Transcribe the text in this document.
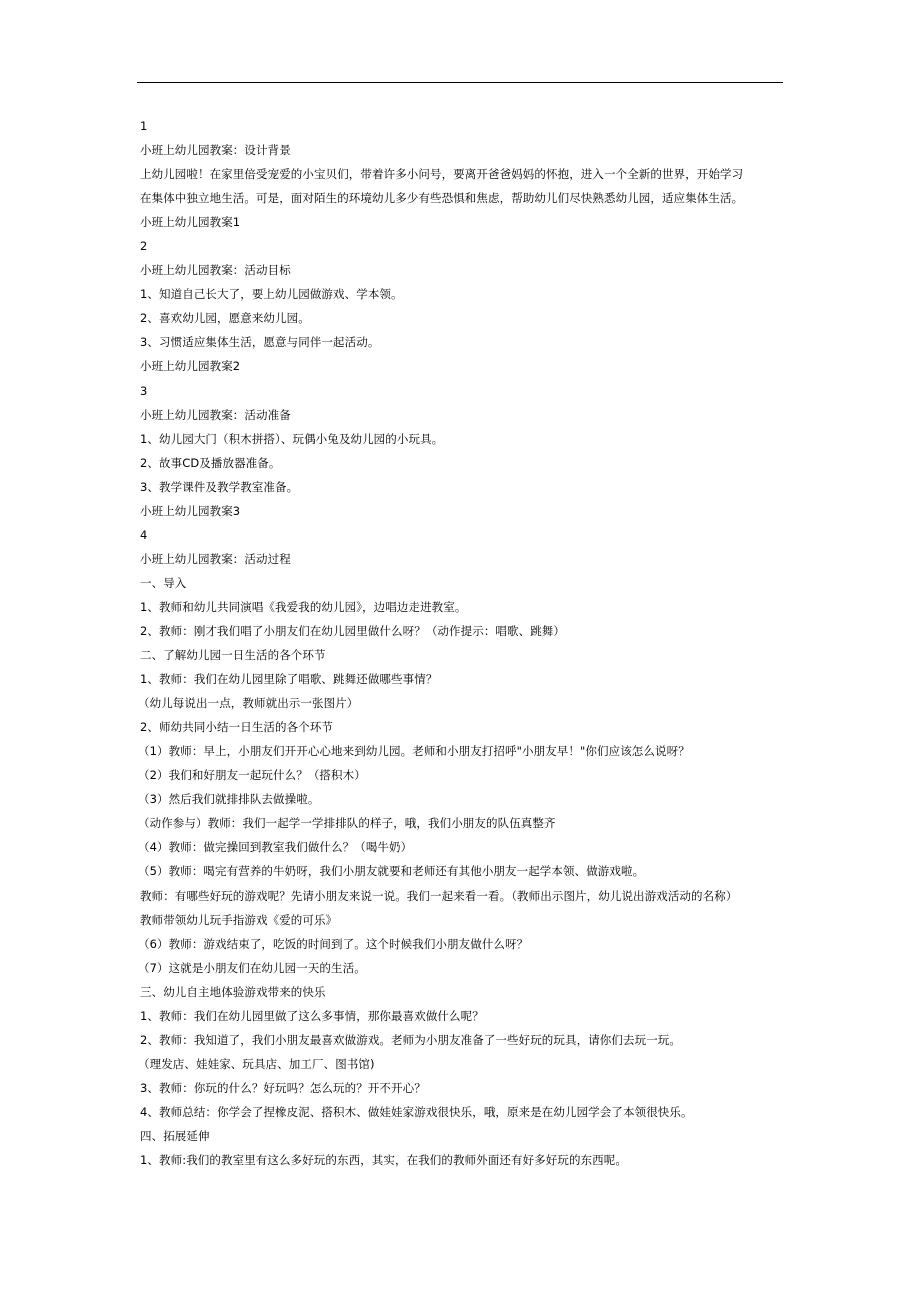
1
小班上幼儿园教案：设计背景
上幼儿园啦！在家里倍受宠爱的小宝贝们，带着许多小问号，要离开爸爸妈妈的怀抱，进入一个全新的世界，开始学习
在集体中独立地生活。可是，面对陌生的环境幼儿多少有些恐惧和焦虑，帮助幼儿们尽快熟悉幼儿园，适应集体生活。
小班上幼儿园教案1
2
小班上幼儿园教案：活动目标
1、知道自己长大了，要上幼儿园做游戏、学本领。
2、喜欢幼儿园，愿意来幼儿园。
3、习惯适应集体生活，愿意与同伴一起活动。
小班上幼儿园教案2
3
小班上幼儿园教案：活动准备
1、幼儿园大门（积木拼搭）、玩偶小兔及幼儿园的小玩具。
2、故事CD及播放器准备。
3、教学课件及教学教室准备。
小班上幼儿园教案3
4
小班上幼儿园教案：活动过程
一、导入
1、教师和幼儿共同演唱《我爱我的幼儿园》，边唱边走进教室。
2、教师：刚才我们唱了小朋友们在幼儿园里做什么呀？（动作提示：唱歌、跳舞）
二、了解幼儿园一日生活的各个环节
1、教师：我们在幼儿园里除了唱歌、跳舞还做哪些事情？
（幼儿每说出一点，教师就出示一张图片）
2、师幼共同小结一日生活的各个环节
（1）教师：早上，小朋友们开开心心地来到幼儿园。老师和小朋友打招呼"小朋友早！"你们应该怎么说呀？
（2）我们和好朋友一起玩什么？（搭积木）
（3）然后我们就排排队去做操啦。
（动作参与）教师：我们一起学一学排排队的样子，哦，我们小朋友的队伍真整齐
（4）教师：做完操回到教室我们做什么？（喝牛奶）
（5）教师：喝完有营养的牛奶呀，我们小朋友就要和老师还有其他小朋友一起学本领、做游戏啦。
教师：有哪些好玩的游戏呢？先请小朋友来说一说。我们一起来看一看。（教师出示图片，幼儿说出游戏活动的名称）
教师带领幼儿玩手指游戏《爱的可乐》
（6）教师：游戏结束了，吃饭的时间到了。这个时候我们小朋友做什么呀？
（7）这就是小朋友们在幼儿园一天的生活。
三、幼儿自主地体验游戏带来的快乐
1、教师：我们在幼儿园里做了这么多事情，那你最喜欢做什么呢？
2、教师：我知道了，我们小朋友最喜欢做游戏。老师为小朋友准备了一些好玩的玩具，请你们去玩一玩。
（理发店、娃娃家、玩具店、加工厂、图书馆)
3、教师：你玩的什么？好玩吗？怎么玩的？开不开心？
4、教师总结：你学会了捏橡皮泥、搭积木、做娃娃家游戏很快乐，哦，原来是在幼儿园学会了本领很快乐。
四、拓展延伸
1、教师:我们的教室里有这么多好玩的东西，其实，在我们的教师外面还有好多好玩的东西呢。
